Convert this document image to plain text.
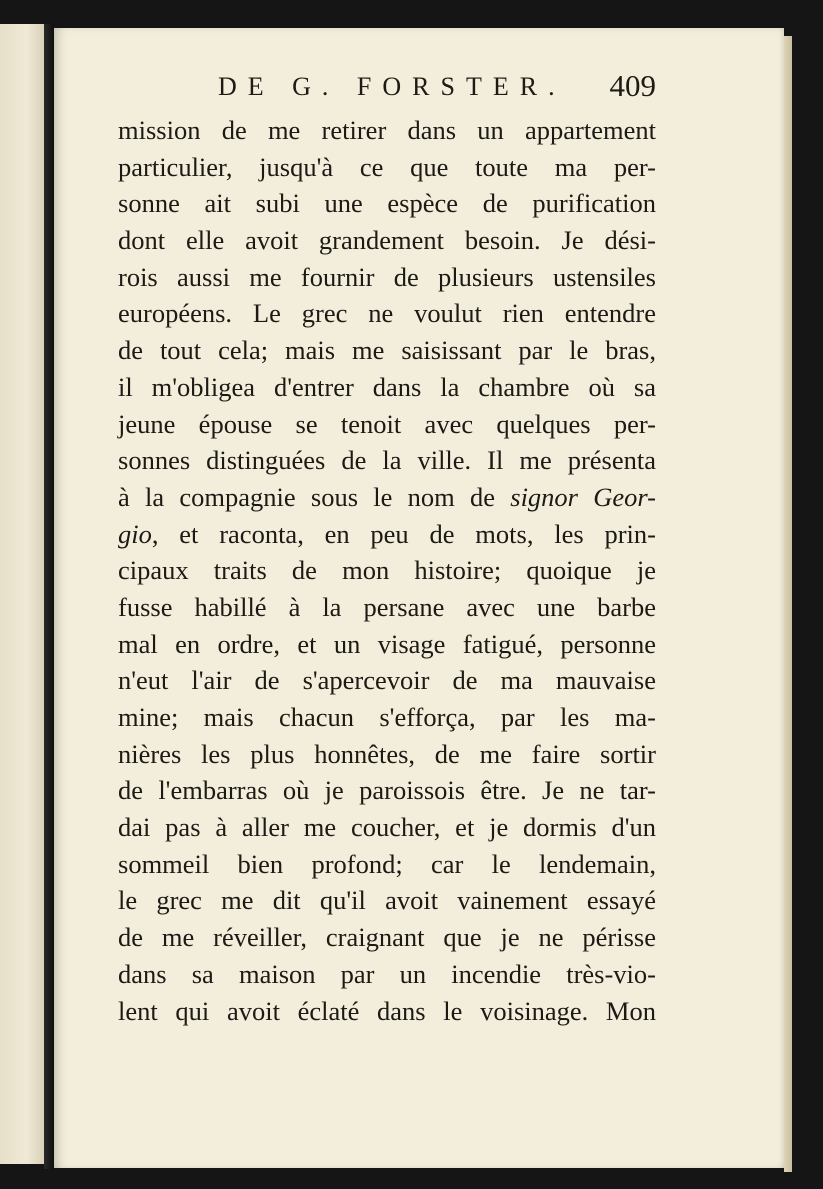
DE G. FORSTER. 409
mission de me retirer dans un appartement
particulier, jusqu'à ce que toute ma per-
sonne ait subi une espèce de purification
dont elle avoit grandement besoin. Je dési-
rois aussi me fournir de plusieurs ustensiles
européens. Le grec ne voulut rien entendre
de tout cela; mais me saisissant par le bras,
il m'obligea d'entrer dans la chambre où sa
jeune épouse se tenoit avec quelques per-
sonnes distinguées de la ville. Il me présenta
à la compagnie sous le nom de signor Geor-
gio, et raconta, en peu de mots, les prin-
cipaux traits de mon histoire; quoique je
fusse habillé à la persane avec une barbe
mal en ordre, et un visage fatigué, personne
n'eut l'air de s'apercevoir de ma mauvaise
mine; mais chacun s'efforça, par les ma-
nières les plus honnêtes, de me faire sortir
de l'embarras où je paroissois être. Je ne tar-
dai pas à aller me coucher, et je dormis d'un
sommeil bien profond; car le lendemain,
le grec me dit qu'il avoit vainement essayé
de me réveiller, craignant que je ne périsse
dans sa maison par un incendie très-vio-
lent qui avoit éclaté dans le voisinage. Mon
